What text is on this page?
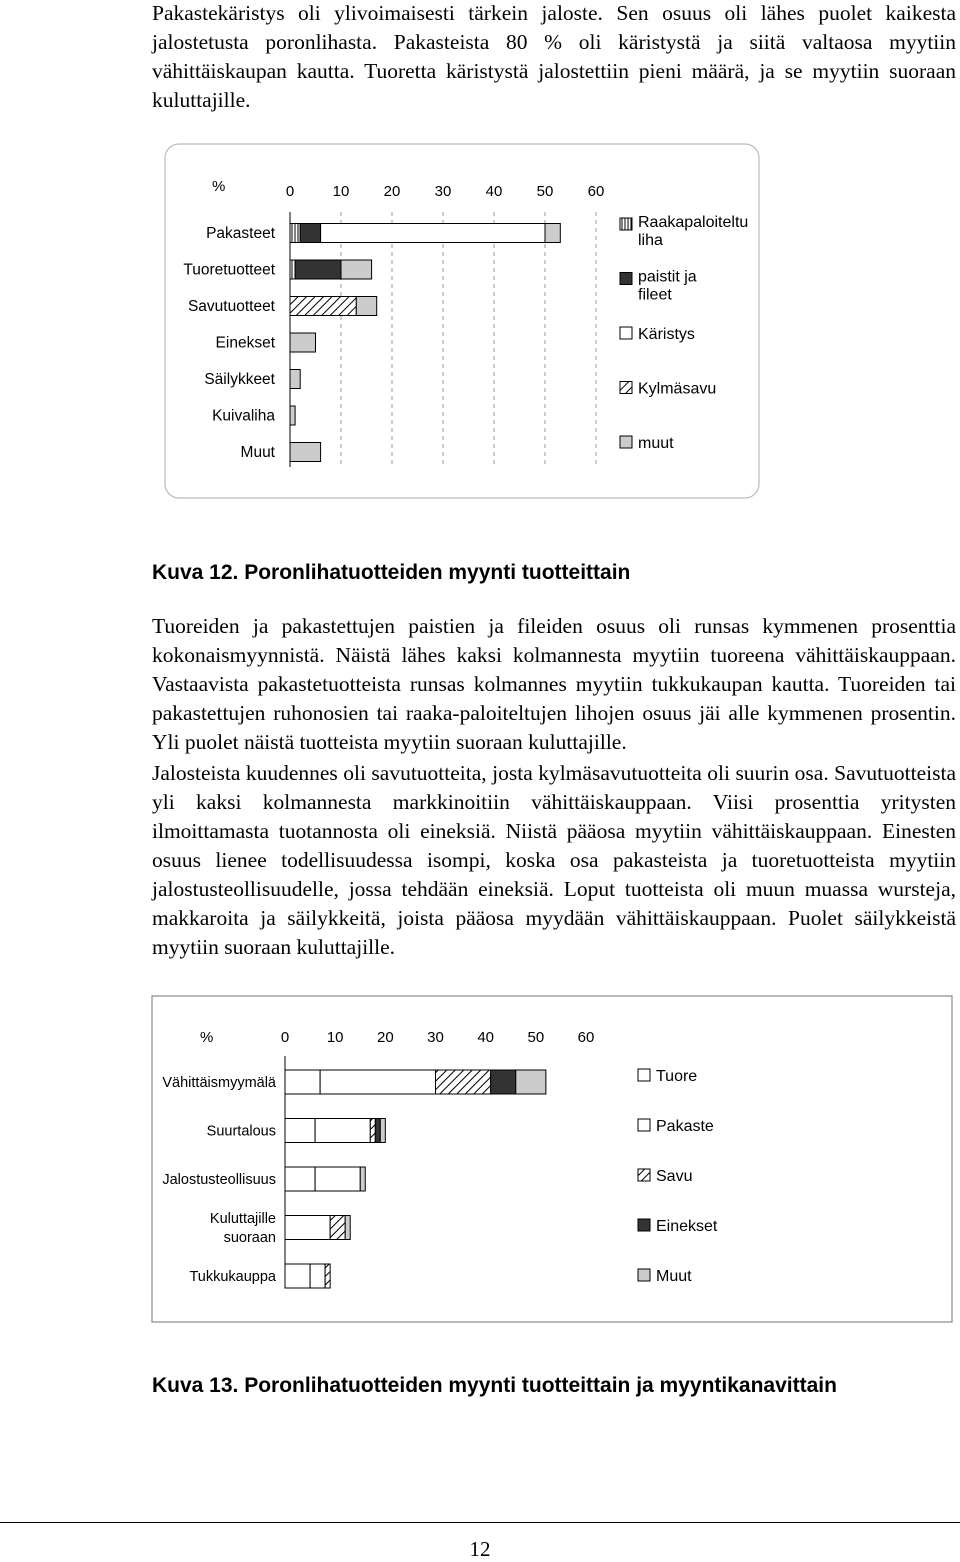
Pakastekäristys oli ylivoimaisesti tärkein jaloste. Sen osuus oli lähes puolet kaikesta jalostetusta poronlihasta. Pakasteista 80 % oli käristystä ja siitä valtaosa myytiin vähittäiskaupan kautta. Tuoretta käristystä jalostettiin pieni määrä, ja se myytiin suoraan kuluttajille.

%	0	10 20 30 40 50 60
Pakasteet
Tuoretuotteet
Savutuotteet
Einekset
Säilykkeet
Kuivaliha
Muut
Raakapaloiteltu
liha
paistit ja
fileet
Käristys
Kylmäsavu
muut

Kuva 12. Poronlihatuotteiden myynti tuotteittain

Tuoreiden ja pakastettujen paistien ja fileiden osuus oli runsas kymmenen prosenttia kokonaismyynnistä. Näistä lähes kaksi kolmannesta myytiin tuoreena vähittäiskauppaan. Vastaavista pakastetuotteista runsas kolmannes myytiin tukkukaupan kautta. Tuoreiden tai pakastettujen ruhonosien tai raaka-paloiteltujen lihojen osuus jäi alle kymmenen prosentin. Yli puolet näistä tuotteista myytiin suoraan kuluttajille.

Jalosteista kuudennes oli savutuotteita, josta kylmäsavutuotteita oli suurin osa. Savutuotteista yli kaksi kolmannesta markkinoitiin vähittäiskauppaan. Viisi prosenttia yritysten ilmoittamasta tuotannosta oli eineksiä. Niistä pääosa myytiin vähittäiskauppaan. Einesten osuus lienee todellisuudessa isompi, koska osa pakasteista ja tuoretuotteista myytiin jalostusteollisuudelle, jossa tehdään eineksiä. Loput tuotteista oli muun muassa wursteja, makkaroita ja säilykkeitä, joista pääosa myydään vähittäiskauppaan. Puolet säilykkeistä myytiin suoraan kuluttajille.

%	0	10 20 30 40 50 60
Vähittäismyymälä
Suurtalous
Jalostusteollisuus
Kuluttajille
suoraan
Tukkukauppa
Tuore
Pakaste
Savu
Einekset
Muut

Kuva 13. Poronlihatuotteiden myynti tuotteittain ja myyntikanavittain

12
